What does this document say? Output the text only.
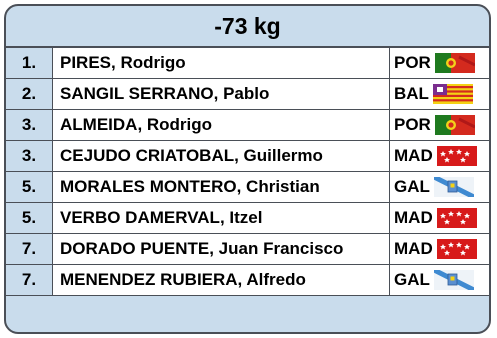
-73 kg
1.	PIRES, Rodrigo	POR

2.	SANGIL SERRANO, Pablo	BAL

3.	ALMEIDA, Rodrigo	POR

3.	CEJUDO CRIATOBAL, Guillermo	MAD

5.	MORALES MONTERO, Christian	GAL

5.	VERBO DAMERVAL, Itzel	MAD

7.	DORADO PUENTE, Juan Francisco	MAD

7.	MENENDEZ RUBIERA, Alfredo	GAL
